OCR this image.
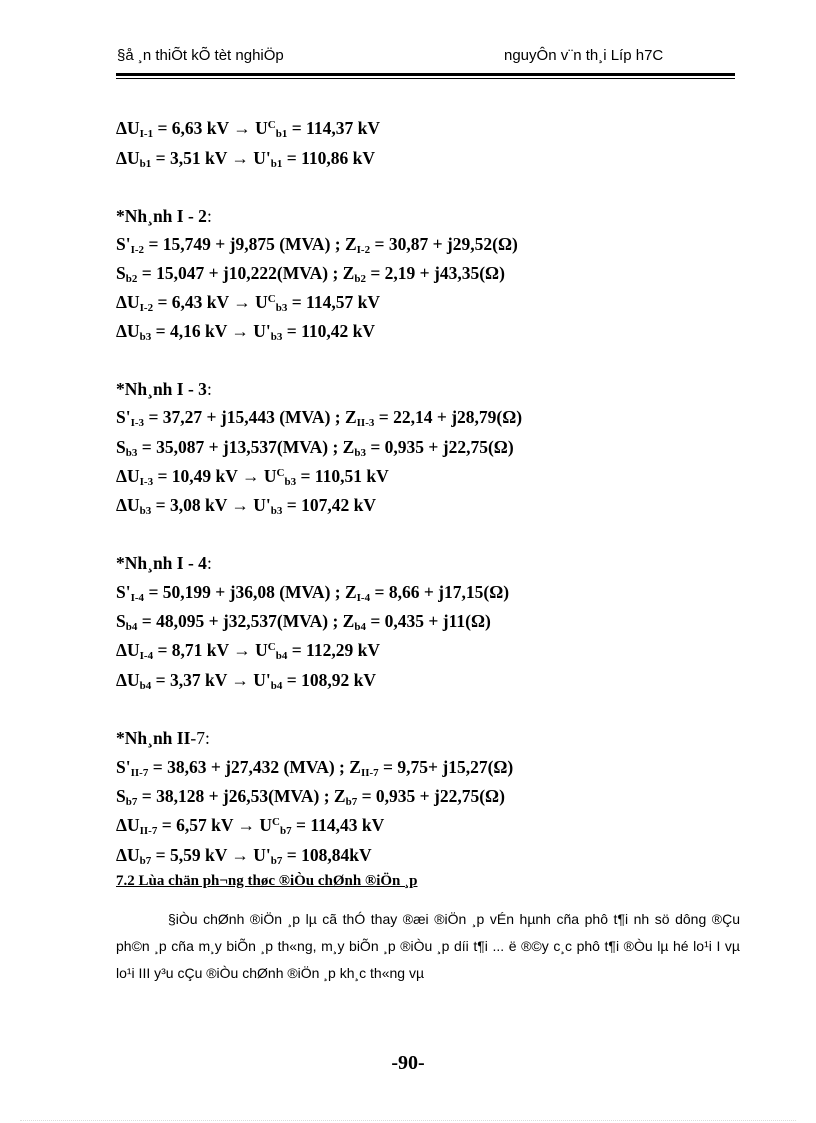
§å ¸n thiÕt kÕ tèt nghiÖp	nguyÔn v¨n th¸i Líp h7C
$\Delta U_{I-1} = 6,63$ kV → $U^C_{b1} = 114,37$ kV
$\Delta U_{b1} = 3,51$ kV → $U'_{b1} = 110,86$ kV
*Nh¸nh I - 2:
$S'_{I-2} = 15,749 + j9,875$ (MVA) ; $Z_{I-2} = 30,87 + j29,52(\Omega)$
$S_{b2} = 15,047 + j10,222(MVA)$ ; $Z_{b2} = 2,19 + j43,35(\Omega)$
$\Delta U_{I-2} = 6,43$ kV → $U^C_{b3} = 114,57$ kV
$\Delta U_{b3} = 4,16$ kV → $U'_{b3} = 110,42$ kV
*Nh¸nh I - 3:
$S'_{I-3} = 37,27 + j15,443$ (MVA) ; $Z_{II-3} = 22,14 + j28,79(\Omega)$
$S_{b3} = 35,087 + j13,537(MVA)$ ; $Z_{b3} = 0,935 + j22,75(\Omega)$
$\Delta U_{I-3} = 10,49$ kV → $U^C_{b3} = 110,51$ kV
$\Delta U_{b3} = 3,08$ kV → $U'_{b3} = 107,42$ kV
*Nh¸nh I - 4:
$S'_{I-4} = 50,199 + j36,08$ (MVA) ; $Z_{I-4} = 8,66 + j17,15(\Omega)$
$S_{b4} = 48,095 + j32,537(MVA)$ ; $Z_{b4} = 0,435 + j11(\Omega)$
$\Delta U_{I-4} = 8,71$ kV → $U^C_{b4} = 112,29$ kV
$\Delta U_{b4} = 3,37$ kV → $U'_{b4} = 108,92$ kV
*Nh¸nh II-7:
$S'_{II-7} = 38,63 + j27,432$ (MVA) ; $Z_{II-7} = 9,75+ j15,27(\Omega)$
$S_{b7} = 38,128 + j26,53(MVA)$ ; $Z_{b7} = 0,935 + j22,75(\Omega)$
$\Delta U_{II-7} = 6,57$ kV → $U^C_{b7} = 114,43$ kV
$\Delta U_{b7} = 5,59$ kV → $U'_{b7} = 108,84kV$
7.2 Lùa chän ph¬ng thøc ®iÒu chØnh ®iÖn ¸p
§iÒu chØnh ®iÖn ¸p lµ cã thÓ thay ®æi ®iÖn ¸p vÉn hµnh cña phô t¶i nh sö dông ®Çu ph©n ¸p cña m¸y biÕn ¸p th«ng, m¸y biÕn ¸p ®iÒu ¸p díi t¶i ... ë ®©y c¸c phô t¶i ®Òu lµ hé lo¹i I vµ lo¹i III y³u cÇu ®iÒu chØnh ®iÖn ¸p kh¸c th«ng vµ
-90-
